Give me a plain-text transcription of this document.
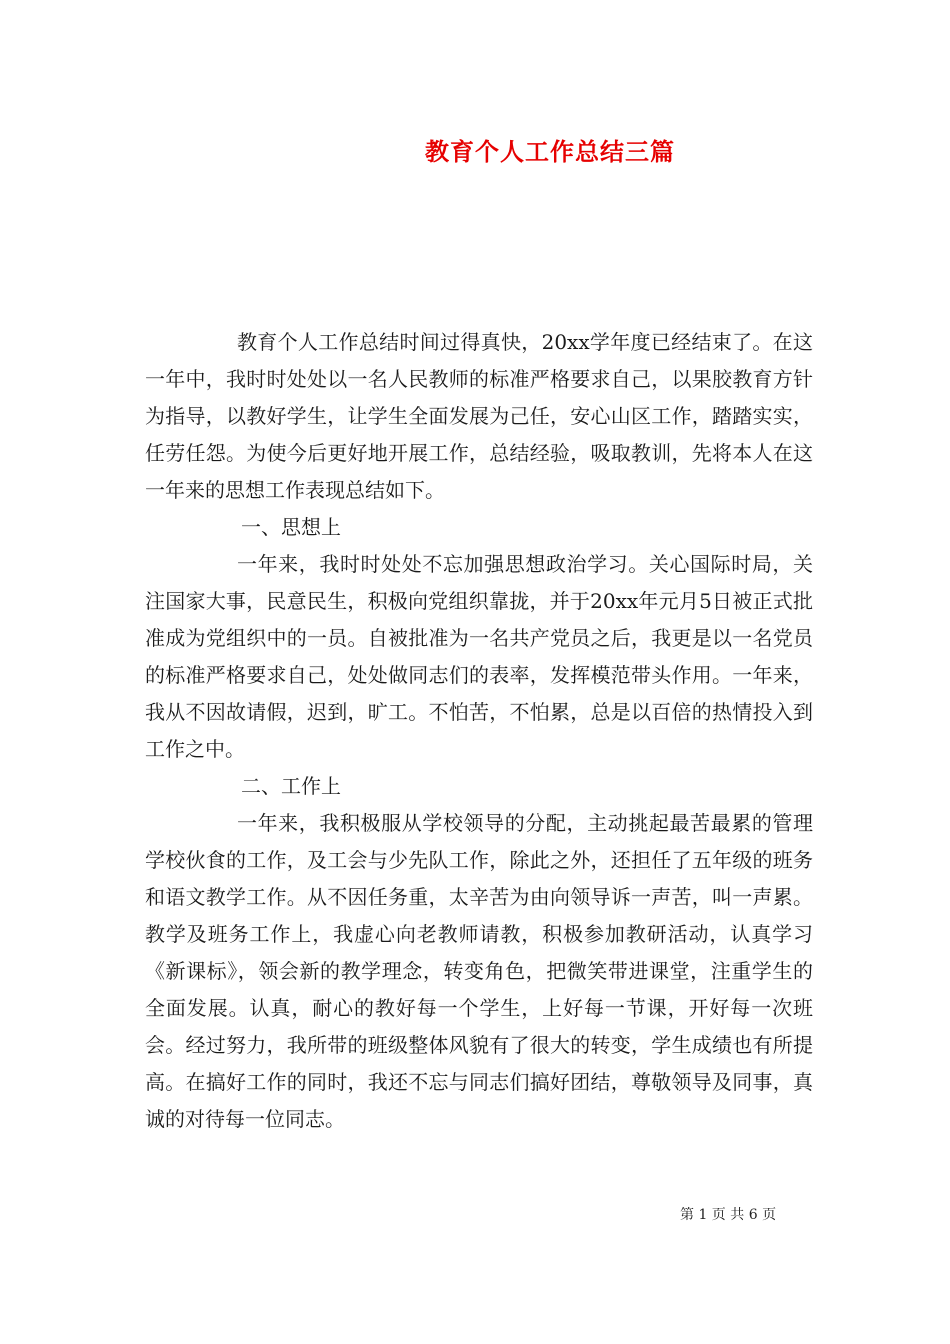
教育个人工作总结三篇

教育个人工作总结时间过得真快，20xx学年度已经结束了。在这一年中，我时时处处以一名人民教师的标准严格要求自己，以果胶教育方针为指导，以教好学生，让学生全面发展为己任，安心山区工作，踏踏实实，任劳任怨。为使今后更好地开展工作，总结经验，吸取教训，先将本人在这一年来的思想工作表现总结如下。

一、思想上

一年来，我时时处处不忘加强思想政治学习。关心国际时局，关注国家大事，民意民生，积极向党组织靠拢，并于20xx年元月5日被正式批准成为党组织中的一员。自被批准为一名共产党员之后，我更是以一名党员的标准严格要求自己，处处做同志们的表率，发挥模范带头作用。一年来，我从不因故请假，迟到，旷工。不怕苦，不怕累，总是以百倍的热情投入到工作之中。

二、工作上

一年来，我积极服从学校领导的分配，主动挑起最苦最累的管理学校伙食的工作，及工会与少先队工作，除此之外，还担任了五年级的班务和语文教学工作。从不因任务重，太辛苦为由向领导诉一声苦，叫一声累。教学及班务工作上，我虚心向老教师请教，积极参加教研活动，认真学习《新课标》，领会新的教学理念，转变角色，把微笑带进课堂，注重学生的全面发展。认真，耐心的教好每一个学生，上好每一节课，开好每一次班会。经过努力，我所带的班级整体风貌有了很大的转变，学生成绩也有所提高。在搞好工作的同时，我还不忘与同志们搞好团结，尊敬领导及同事，真诚的对待每一位同志。

第 1 页 共 6 页
